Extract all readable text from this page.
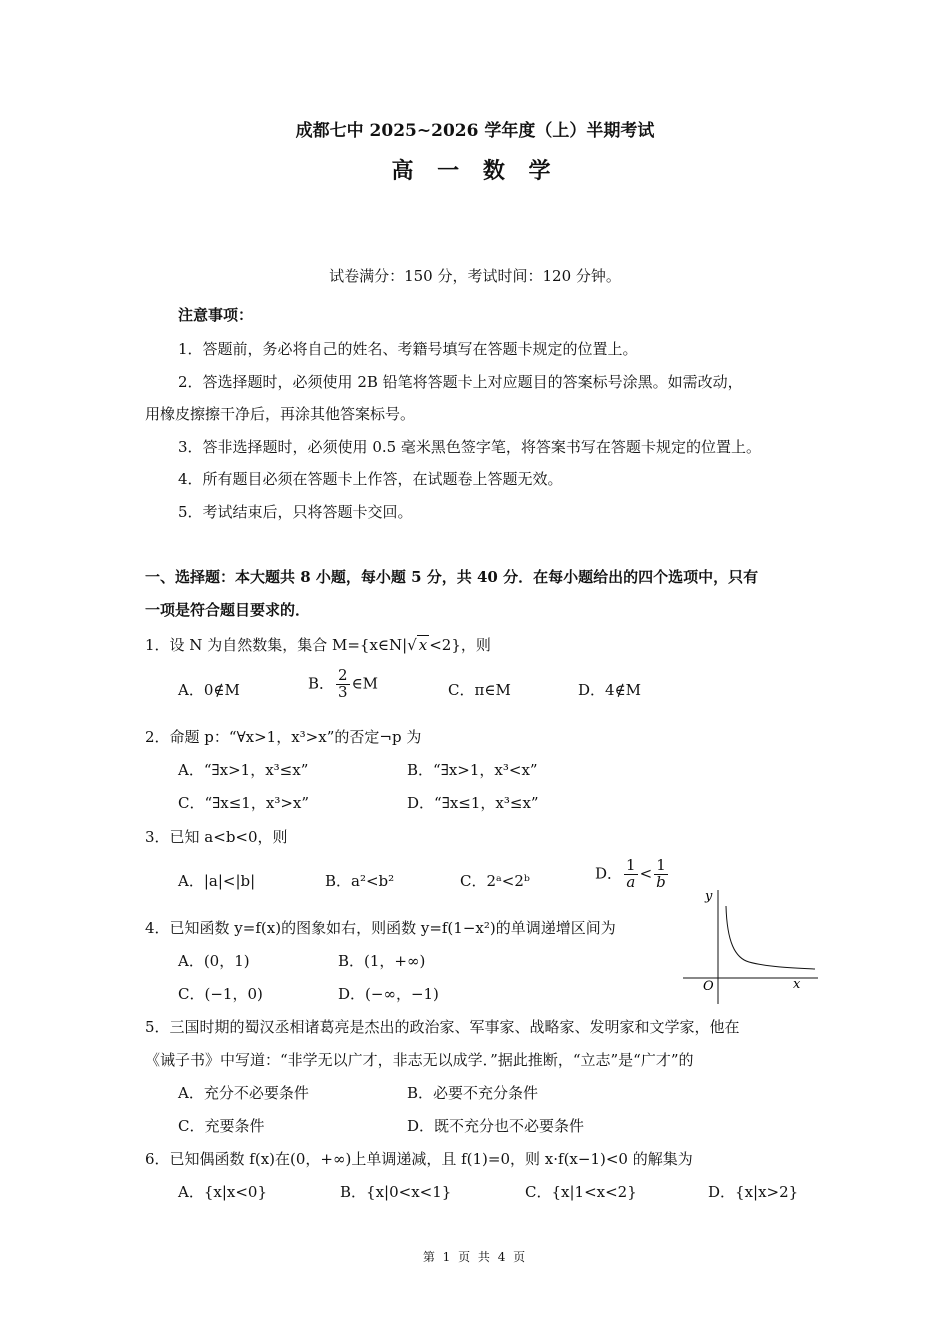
成都七中 2025~2026 学年度（上）半期考试
高 一 数 学
试卷满分：150 分，考试时间：120 分钟。
注意事项：
1．答题前，务必将自己的姓名、考籍号填写在答题卡规定的位置上。
2．答选择题时，必须使用 2B 铅笔将答题卡上对应题目的答案标号涂黑。如需改动，
用橡皮擦擦干净后，再涂其他答案标号。
3．答非选择题时，必须使用 0.5 毫米黑色签字笔，将答案书写在答题卡规定的位置上。
4．所有题目必须在答题卡上作答，在试题卷上答题无效。
5．考试结束后，只将答题卡交回。
一、选择题：本大题共 8 小题，每小题 5 分，共 40 分．在每小题给出的四个选项中，只有
一项是符合题目要求的．
1．设 N 为自然数集，集合 M={x∈N|√ x <2}，则
A．0∉M	B． $\frac{2}{3}$ ∈M	C．π∈M	D．4∉M
2．命题 p：“∀x>1，x³>x”的否定¬p 为
A．“∃x>1，x³≤x”	B．“∃x>1，x³<x”
C．“∃x≤1，x³>x”	D．“∃x≤1，x³≤x”
3．已知 a<b<0，则
A．|a|<|b|	B．a²<b²	C．2ᵃ<2ᵇ	D． $\frac{1}{a} < \frac{1}{b}$
4．已知函数 y=f(x)的图象如右，则函数 y=f(1−x²)的单调递增区间为
A．(0，1)	B．(1，+∞)
C．(−1，0)	D．(−∞，−1)
y
x
O
5．三国时期的蜀汉丞相诸葛亮是杰出的政治家、军事家、战略家、发明家和文学家，他在
《诫子书》中写道：“非学无以广才，非志无以成学．”据此推断，“立志”是“广才”的
A．充分不必要条件	B．必要不充分条件
C．充要条件	D．既不充分也不必要条件
6．已知偶函数 f(x)在(0，+∞)上单调递减，且 f(1)=0，则 x·f(x−1)<0 的解集为
A．{x|x<0}	B．{x|0<x<1}	C．{x|1<x<2}	D．{x|x>2}
第 1 页 共 4 页
